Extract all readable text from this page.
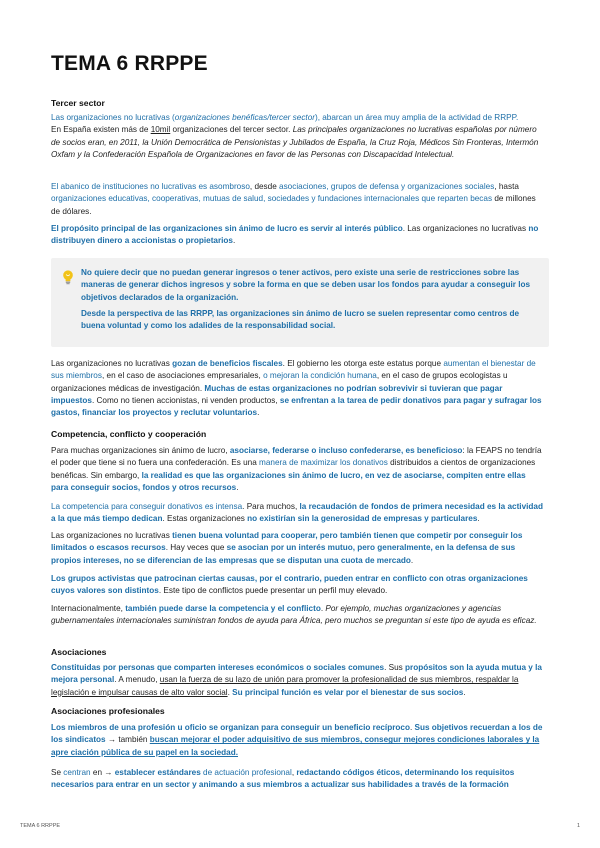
TEMA 6 RRPPE
Tercer sector

Las organizaciones no lucrativas (organizaciones benéficas/tercer sector), abarcan un área muy amplia de la actividad de RRPP.
En España existen más de 10mil organizaciones del tercer sector. Las principales organizaciones no lucrativas españolas por número de socios eran, en 2011, la Unión Democrática de Pensionistas y Jubilados de España, la Cruz Roja, Médicos Sin Fronteras, Intermón Oxfam y la Confederación Española de Organizaciones en favor de las Personas con Discapacidad Intelectual.

El abanico de instituciones no lucrativas es asombroso, desde asociaciones, grupos de defensa y organizaciones sociales, hasta organizaciones educativas, cooperativas, mutuas de salud, sociedades y fundaciones internacionales que reparten becas de millones de dólares.

El propósito principal de las organizaciones sin ánimo de lucro es servir al interés público. Las organizaciones no lucrativas no distribuyen dinero a accionistas o propietarios.

No quiere decir que no puedan generar ingresos o tener activos, pero existe una serie de restricciones sobre las maneras de generar dichos ingresos y sobre la forma en que se deben usar los fondos para ayudar a conseguir los objetivos declarados de la organización.

Desde la perspectiva de las RRPP, las organizaciones sin ánimo de lucro se suelen representar como centros de buena voluntad y como los adalides de la responsabilidad social.

Las organizaciones no lucrativas gozan de beneficios fiscales. El gobierno les otorga este estatus porque aumentan el bienestar de sus miembros, en el caso de asociaciones empresariales, o mejoran la condición humana, en el caso de grupos ecologistas u organizaciones médicas de investigación. Muchas de estas organizaciones no podrían sobrevivir si tuvieran que pagar impuestos. Como no tienen accionistas, ni venden productos, se enfrentan a la tarea de pedir donativos para pagar y sufragar los gastos, financiar los proyectos y reclutar voluntarios.

Competencia, conflicto y cooperación

Para muchas organizaciones sin ánimo de lucro, asociarse, federarse o incluso confederarse, es beneficioso: la FEAPS no tendría el poder que tiene si no fuera una confederación. Es una manera de maximizar los donativos distribuidos a cientos de organizaciones benéficas. Sin embargo, la realidad es que las organizaciones sin ánimo de lucro, en vez de asociarse, compiten entre ellas para conseguir socios, fondos y otros recursos.

La competencia para conseguir donativos es intensa. Para muchos, la recaudación de fondos de primera necesidad es la actividad a la que más tiempo dedican. Estas organizaciones no existirían sin la generosidad de empresas y particulares.

Las organizaciones no lucrativas tienen buena voluntad para cooperar, pero también tienen que competir por conseguir los limitados o escasos recursos. Hay veces que se asocian por un interés mutuo, pero generalmente, en la defensa de sus propios intereses, no se diferencian de las empresas que se disputan una cuota de mercado.

Los grupos activistas que patrocinan ciertas causas, por el contrario, pueden entrar en conflicto con otras organizaciones cuyos valores son distintos. Este tipo de conflictos puede presentar un perfil muy elevado.

Internacionalmente, también puede darse la competencia y el conflicto. Por ejemplo, muchas organizaciones y agencias gubernamentales internacionales suministran fondos de ayuda para África, pero muchos se preguntan si este tipo de ayuda es eficaz.

Asociaciones

Constituidas por personas que comparten intereses económicos o sociales comunes. Sus propósitos son la ayuda mutua y la mejora personal. A menudo, usan la fuerza de su lazo de unión para promover la profesionalidad de sus miembros, respaldar la legislación e impulsar causas de alto valor social. Su principal función es velar por el bienestar de sus socios.

Asociaciones profesionales

Los miembros de una profesión u oficio se organizan para conseguir un beneficio recíproco. Sus objetivos recuerdan a los de los sindicatos → también buscan mejorar el poder adquisitivo de sus miembros, consegur mejores condiciones laborales y la apre ciación pública de su papel en la sociedad.

Se centran en → establecer estándares de actuación profesional, redactando códigos éticos, determinando los requisitos necesarios para entrar en un sector y animando a sus miembros a actualizar sus habilidades a través de la formación

TEMA 6 RRPPE	1
